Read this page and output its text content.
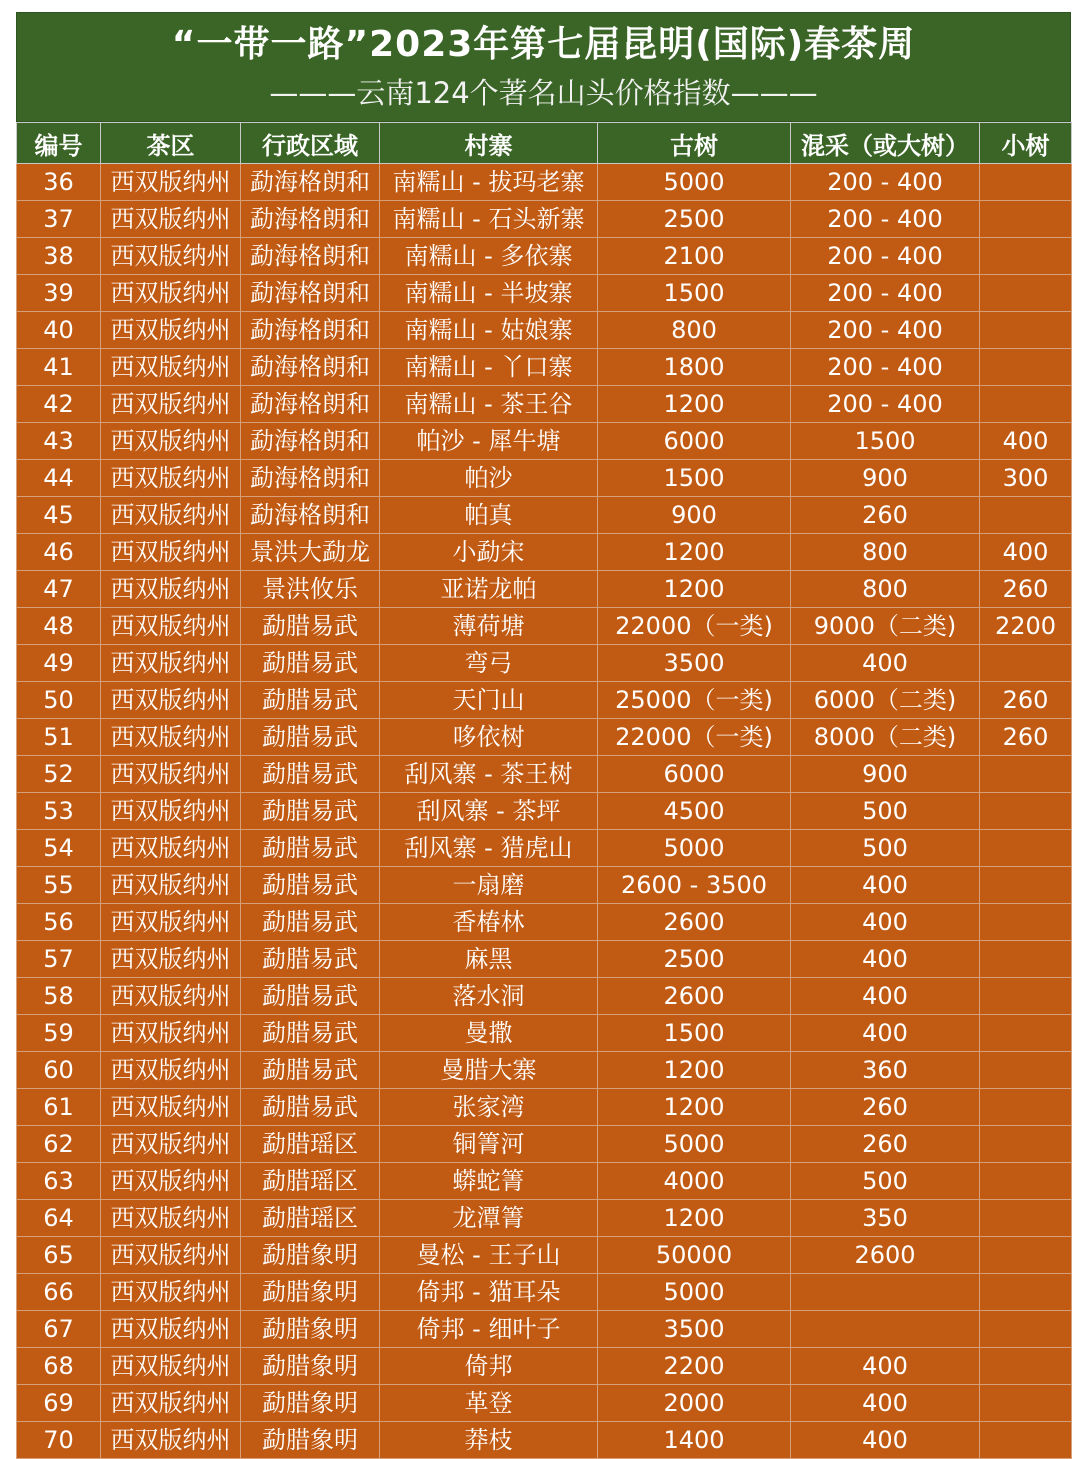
“一带一路”2023年第七届昆明(国际)春茶周
———云南124个著名山头价格指数———
编号	茶区	行政区域	村寨	古树	混采（或大树）	小树
36	西双版纳州	勐海格朗和	南糯山 - 拔玛老寨	5000	200 - 400	
37	西双版纳州	勐海格朗和	南糯山 - 石头新寨	2500	200 - 400	
38	西双版纳州	勐海格朗和	南糯山 - 多依寨	2100	200 - 400	
39	西双版纳州	勐海格朗和	南糯山 - 半坡寨	1500	200 - 400	
40	西双版纳州	勐海格朗和	南糯山 - 姑娘寨	800	200 - 400	
41	西双版纳州	勐海格朗和	南糯山 - 丫口寨	1800	200 - 400	
42	西双版纳州	勐海格朗和	南糯山 - 茶王谷	1200	200 - 400	
43	西双版纳州	勐海格朗和	帕沙 - 犀牛塘	6000	1500	400
44	西双版纳州	勐海格朗和	帕沙	1500	900	300
45	西双版纳州	勐海格朗和	帕真	900	260	
46	西双版纳州	景洪大勐龙	小勐宋	1200	800	400
47	西双版纳州	景洪攸乐	亚诺龙帕	1200	800	260
48	西双版纳州	勐腊易武	薄荷塘	22000（一类)	9000（二类)	2200
49	西双版纳州	勐腊易武	弯弓	3500	400	
50	西双版纳州	勐腊易武	天门山	25000（一类)	6000（二类)	260
51	西双版纳州	勐腊易武	哆依树	22000（一类)	8000（二类)	260
52	西双版纳州	勐腊易武	刮风寨 - 茶王树	6000	900	
53	西双版纳州	勐腊易武	刮风寨 - 茶坪	4500	500	
54	西双版纳州	勐腊易武	刮风寨 - 猎虎山	5000	500	
55	西双版纳州	勐腊易武	一扇磨	2600 - 3500	400	
56	西双版纳州	勐腊易武	香椿林	2600	400	
57	西双版纳州	勐腊易武	麻黑	2500	400	
58	西双版纳州	勐腊易武	落水洞	2600	400	
59	西双版纳州	勐腊易武	曼撒	1500	400	
60	西双版纳州	勐腊易武	曼腊大寨	1200	360	
61	西双版纳州	勐腊易武	张家湾	1200	260	
62	西双版纳州	勐腊瑶区	铜箐河	5000	260	
63	西双版纳州	勐腊瑶区	蟒蛇箐	4000	500	
64	西双版纳州	勐腊瑶区	龙潭箐	1200	350	
65	西双版纳州	勐腊象明	曼松 - 王子山	50000	2600	
66	西双版纳州	勐腊象明	倚邦 - 猫耳朵	5000		
67	西双版纳州	勐腊象明	倚邦 - 细叶子	3500		
68	西双版纳州	勐腊象明	倚邦	2200	400	
69	西双版纳州	勐腊象明	革登	2000	400	
70	西双版纳州	勐腊象明	莽枝	1400	400	
